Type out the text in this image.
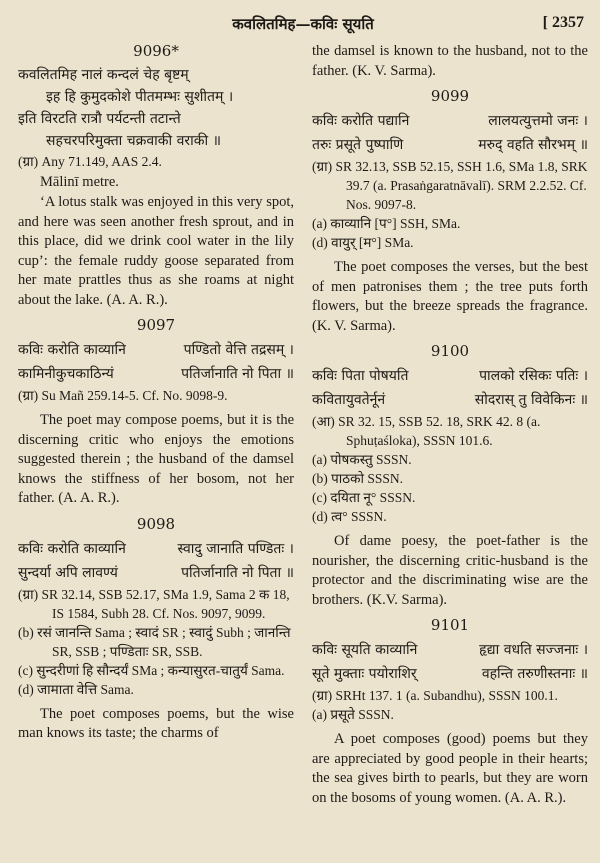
कवलितमिह—कविः सूयति	[ 2357
9096*

कवलितमिह नालं कन्दलं चेह बृष्टम्

इह हि कुमुदकोशे पीतमम्भः सुशीतम् ।

इति विरटति रात्रौ पर्यटन्ती तटान्ते

सहचरपरिमुक्ता चक्रवाकी वराकी ॥

(ग्रा) Any 71.149, AAS 2.4.

Mālinī metre.

‘A lotus stalk was enjoyed in this very spot, and here was seen another fresh sprout, and in this place, did we drink cool water in the lily cup’: the female ruddy goose separated from her mate prattles thus as she roams at night about the lake. (A. A. R.).

9097
कविः करोति काव्यानि	पण्डितो वेत्ति तद्रसम् ।
कामिनीकुचकाठिन्यं	पतिर्जानाति नो पिता ॥

(ग्रा) Su Mañ 259.14-5. Cf. No. 9098-9.

The poet may compose poems, but it is the discerning critic who enjoys the emotions suggested therein ; the husband of the damsel knows the stiffness of her bosom, not her father. (A. A. R.).

9098
कविः करोति काव्यानि	स्वादु जानाति पण्डितः ।
सुन्दर्या अपि लावण्यं	पतिर्जानाति नो पिता ॥

(ग्रा) SR 32.14, SSB 52.17, SMa 1.9, Sama 2 क 18, IS 1584, Subh 28. Cf. Nos. 9097, 9099.

(b) रसं जानन्ति Sama ; स्वादं SR ; स्वादुं Subh ; जानन्ति SR, SSB ; पण्डिताः SR, SSB.

(c) सुन्दरीणां हि सौन्दर्यं SMa ; कन्यासुरत-चातुर्यं Sama.

(d) जामाता वेत्ति Sama.

The poet composes poems, but the wise man knows its taste; the charms of

the damsel is known to the husband, not to the father. (K. V. Sarma).

9099
कविः करोति पद्यानि	लालयत्युत्तमो जनः ।
तरुः प्रसूते पुष्पाणि	मरुद् वहति सौरभम् ॥

(ग्रा) SR 32.13, SSB 52.15, SSH 1.6, SMa 1.8, SRK 39.7 (a. Prasaṅgaratnāvalī). SRM 2.2.52. Cf. Nos. 9097-8.

(a) काव्यानि [प°] SSH, SMa.

(d) वायुर् [म°] SMa.

The poet composes the verses, but the best of men patronises them ; the tree puts forth flowers, but the breeze spreads the fragrance. (K. V. Sarma).

9100
कविः पिता पोषयति	पालको रसिकः पतिः ।
कवितायुवतेर्नूनं	सोदरास् तु विवेकिनः ॥

(आ) SR 32. 15, SSB 52. 18, SRK 42. 8 (a. Sphuṭaśloka), SSSN 101.6.

(a) पोषकस्तु SSSN.

(b) पाठको SSSN.

(c) दयिता नू° SSSN.

(d) त्व° SSSN.

Of dame poesy, the poet-father is the nourisher, the discerning critic-husband is the protector and the discriminating wise are the brothers. (K.V. Sarma).

9101
कविः सूयति काव्यानि	हृद्या वधति सज्जनाः ।
सूते मुक्ताः पयोराशिर्	वहन्ति तरुणीस्तनाः ॥

(ग्रा) SRHt 137. 1 (a. Subandhu), SSSN 100.1.

(a) प्रसूते SSSN.

A poet composes (good) poems but they are appreciated by good people in their hearts; the sea gives birth to pearls, but they are worn on the bosoms of young women. (A. A. R.).
